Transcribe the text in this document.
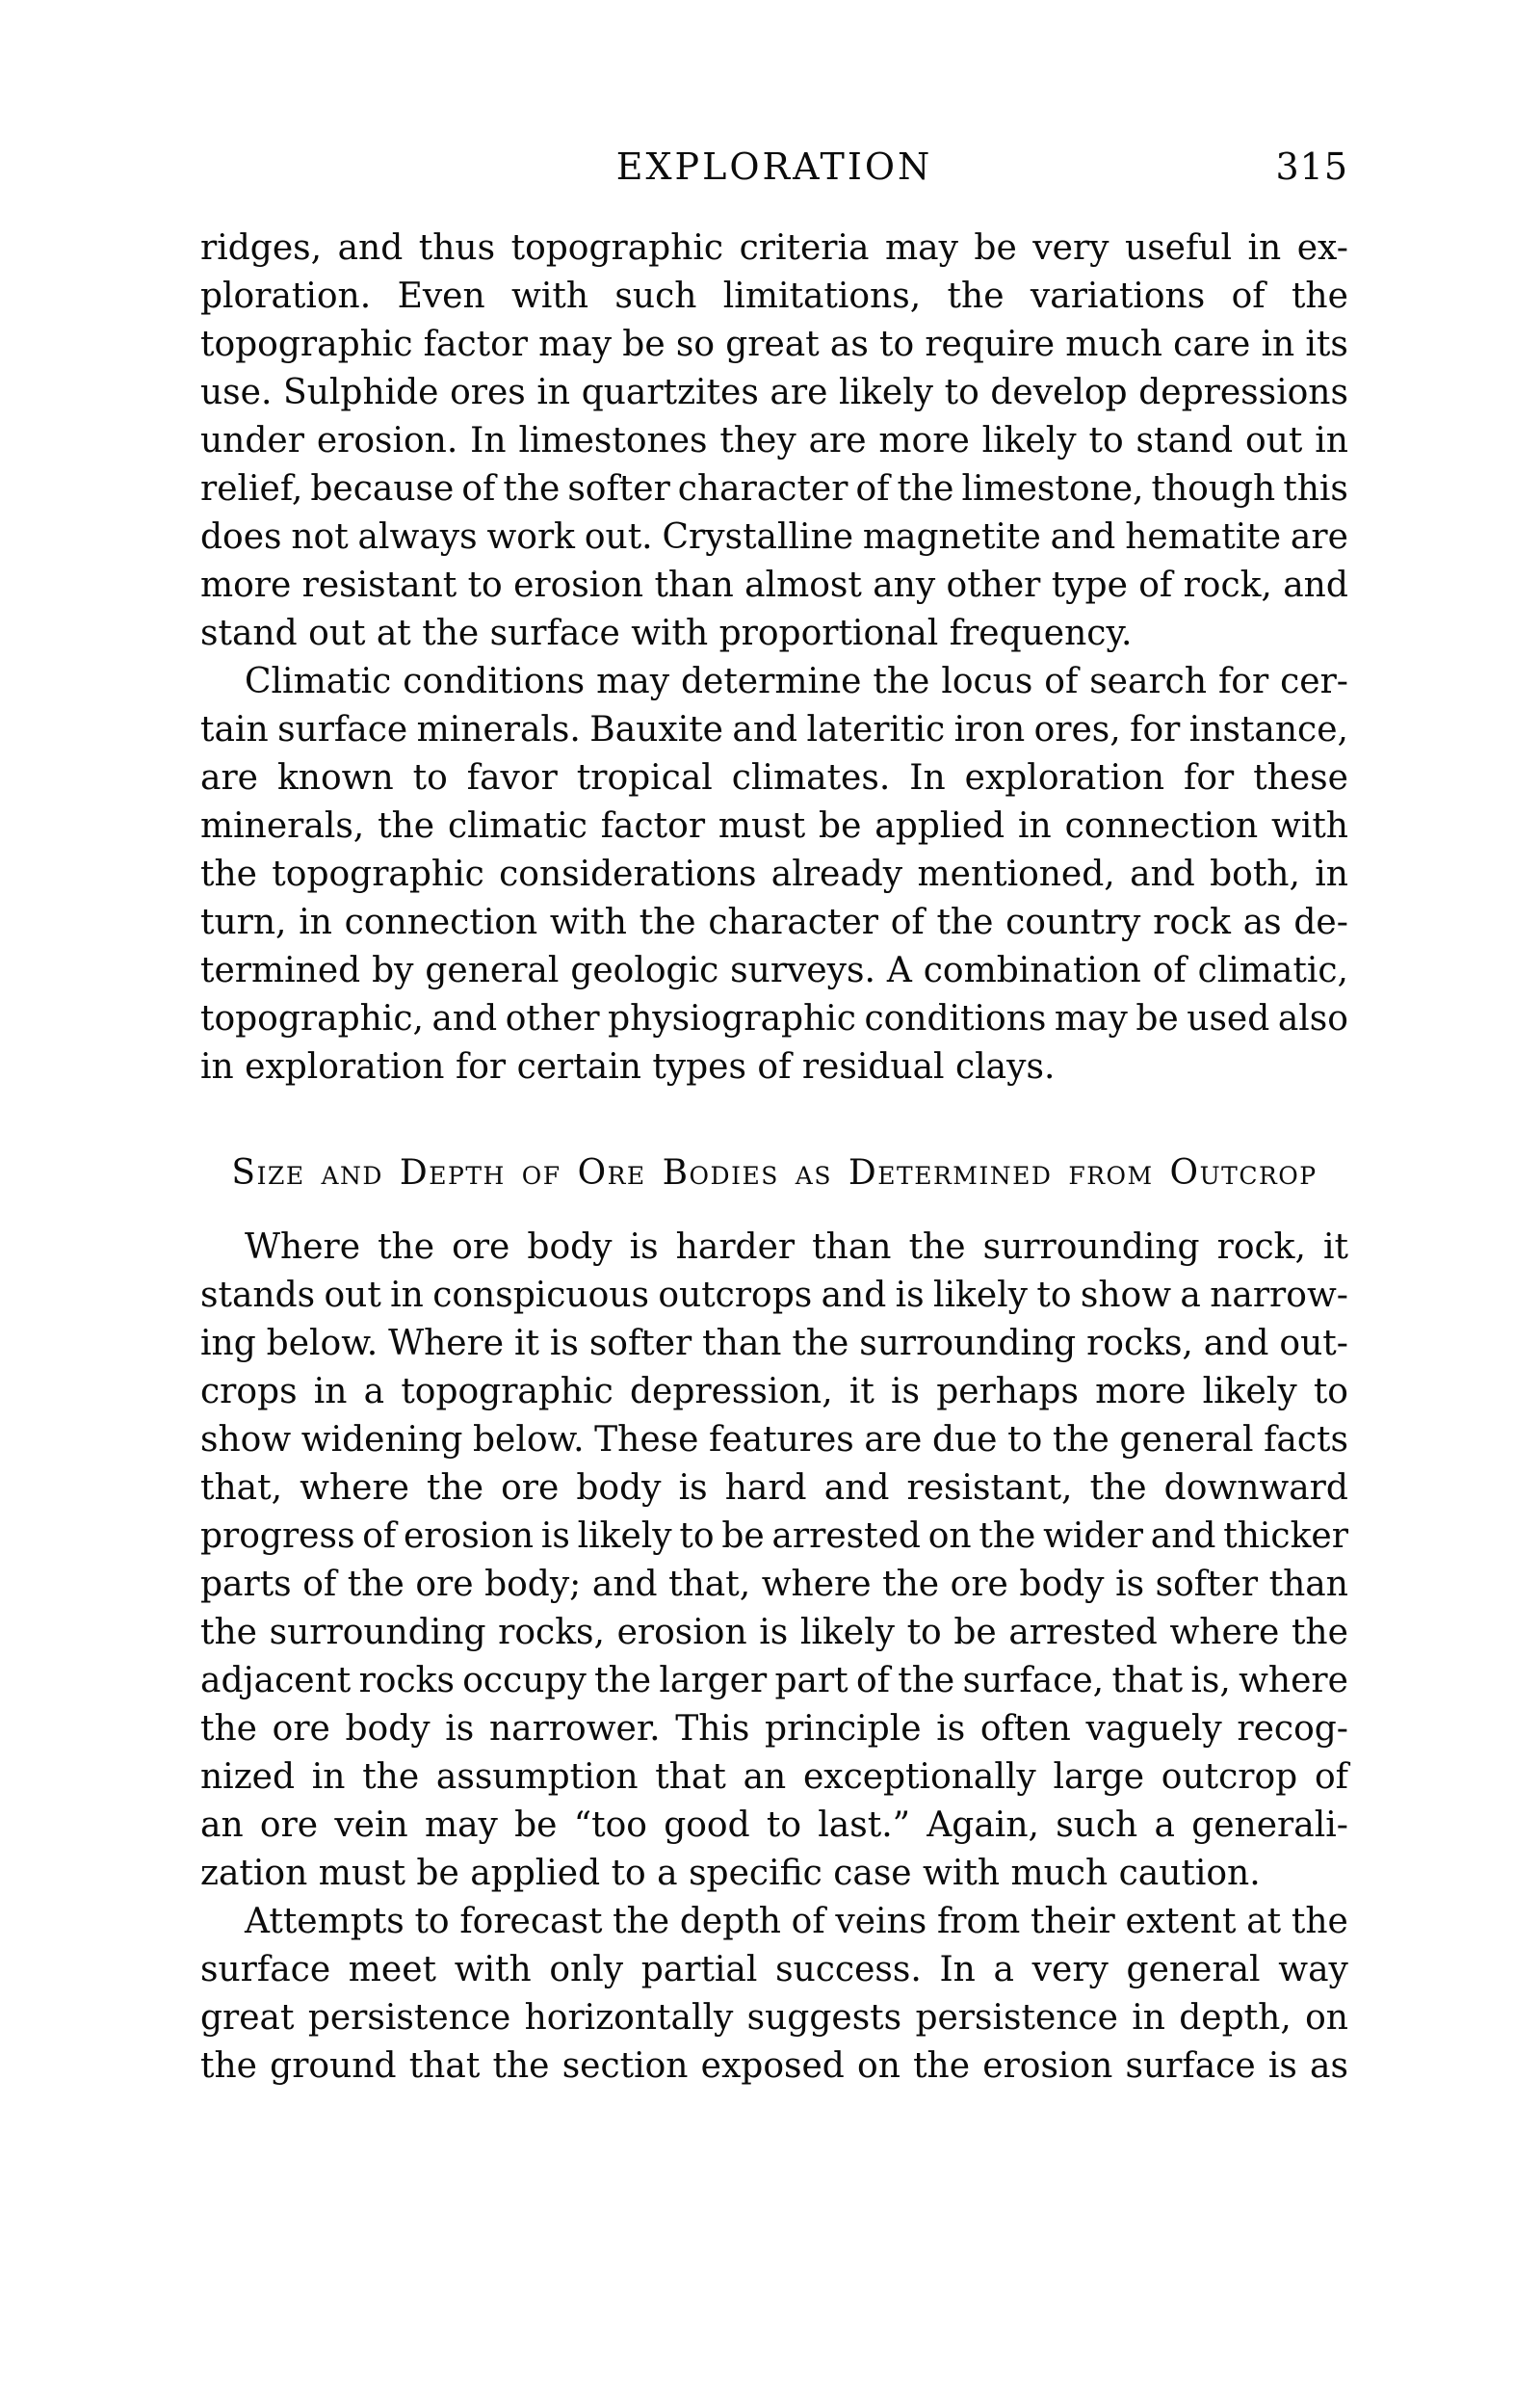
EXPLORATION	315
ridges, and thus topographic criteria may be very useful in ex-
ploration. Even with such limitations, the variations of the
topographic factor may be so great as to require much care in its
use. Sulphide ores in quartzites are likely to develop depressions
under erosion. In limestones they are more likely to stand out in
relief, because of the softer character of the limestone, though this
does not always work out. Crystalline magnetite and hematite are
more resistant to erosion than almost any other type of rock, and
stand out at the surface with proportional frequency.
Climatic conditions may determine the locus of search for cer-
tain surface minerals. Bauxite and lateritic iron ores, for instance,
are known to favor tropical climates. In exploration for these
minerals, the climatic factor must be applied in connection with
the topographic considerations already mentioned, and both, in
turn, in connection with the character of the country rock as de-
termined by general geologic surveys. A combination of climatic,
topographic, and other physiographic conditions may be used also
in exploration for certain types of residual clays.
Size and Depth of Ore Bodies as Determined from Outcrop
Where the ore body is harder than the surrounding rock, it
stands out in conspicuous outcrops and is likely to show a narrow-
ing below. Where it is softer than the surrounding rocks, and out-
crops in a topographic depression, it is perhaps more likely to
show widening below. These features are due to the general facts
that, where the ore body is hard and resistant, the downward
progress of erosion is likely to be arrested on the wider and thicker
parts of the ore body; and that, where the ore body is softer than
the surrounding rocks, erosion is likely to be arrested where the
adjacent rocks occupy the larger part of the surface, that is, where
the ore body is narrower. This principle is often vaguely recog-
nized in the assumption that an exceptionally large outcrop of
an ore vein may be “too good to last.” Again, such a generali-
zation must be applied to a specific case with much caution.
Attempts to forecast the depth of veins from their extent at the
surface meet with only partial success. In a very general way
great persistence horizontally suggests persistence in depth, on
the ground that the section exposed on the erosion surface is as
